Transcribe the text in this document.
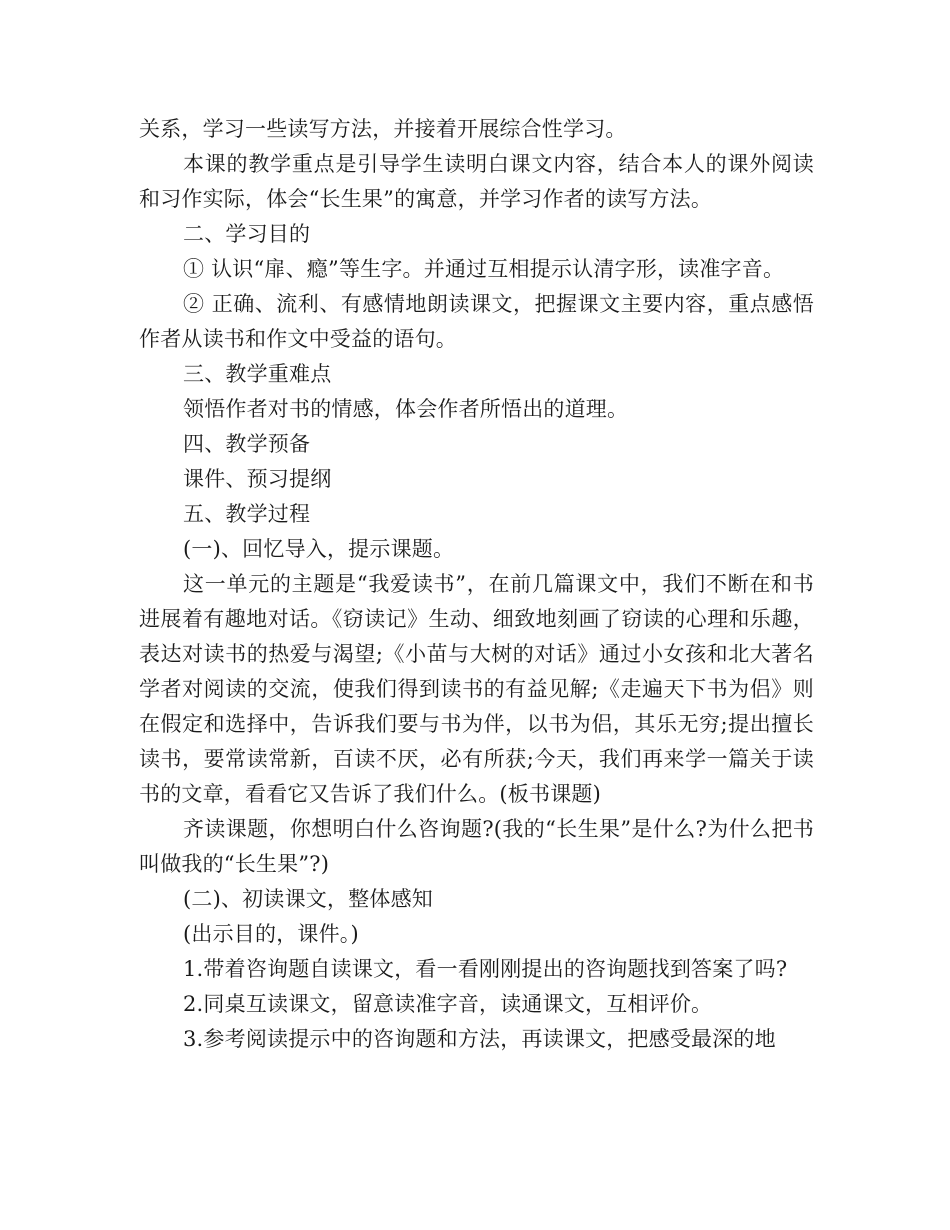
关系，学习一些读写方法，并接着开展综合性学习。

本课的教学重点是引导学生读明白课文内容，结合本人的课外阅读和习作实际，体会“长生果”的寓意，并学习作者的读写方法。

二、学习目的

① 认识“扉、瘾”等生字。并通过互相提示认清字形，读准字音。

② 正确、流利、有感情地朗读课文，把握课文主要内容，重点感悟作者从读书和作文中受益的语句。

三、教学重难点

领悟作者对书的情感，体会作者所悟出的道理。

四、教学预备

课件、预习提纲

五、教学过程

(一)、回忆导入，提示课题。

这一单元的主题是“我爱读书”，在前几篇课文中，我们不断在和书进展着有趣地对话。《窃读记》生动、细致地刻画了窃读的心理和乐趣，表达对读书的热爱与渴望;《小苗与大树的对话》通过小女孩和北大著名学者对阅读的交流，使我们得到读书的有益见解;《走遍天下书为侣》则在假定和选择中，告诉我们要与书为伴，以书为侣，其乐无穷;提出擅长读书，要常读常新，百读不厌，必有所获;今天，我们再来学一篇关于读书的文章，看看它又告诉了我们什么。(板书课题)

齐读课题，你想明白什么咨询题?(我的“长生果”是什么?为什么把书叫做我的“长生果”?)

(二)、初读课文，整体感知

(出示目的，课件。)

1.带着咨询题自读课文，看一看刚刚提出的咨询题找到答案了吗?

2.同桌互读课文，留意读准字音，读通课文，互相评价。

3.参考阅读提示中的咨询题和方法，再读课文，把感受最深的地
